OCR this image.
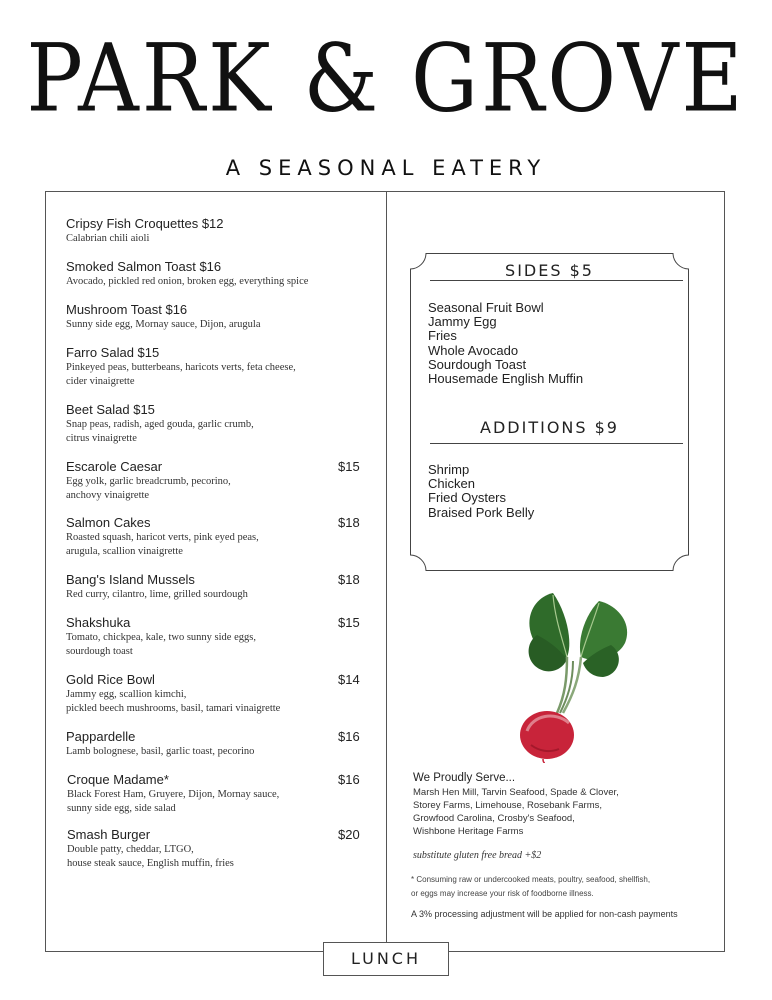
PARK & GROVE
A SEASONAL EATERY
Cripsy Fish Croquettes $12
Calabrian chili aioli
Smoked Salmon Toast $16
Avocado, pickled red onion, broken egg, everything spice
Mushroom Toast $16
Sunny side egg, Mornay sauce, Dijon, arugula
Farro Salad $15
Pinkeyed peas, butterbeans, haricots verts, feta cheese,
cider vinaigrette
Beet Salad $15
Snap peas, radish, aged gouda, garlic crumb,
citrus vinaigrette
Escarole Caesar
Egg yolk, garlic breadcrumb, pecorino,
anchovy vinaigrette
$15
Salmon Cakes
Roasted squash, haricot verts, pink eyed peas,
arugula, scallion vinaigrette
$18
Bang's Island Mussels
Red curry, cilantro, lime, grilled sourdough
$18
Shakshuka
Tomato, chickpea, kale, two sunny side eggs,
sourdough toast
$15
Gold Rice Bowl
Jammy egg, scallion kimchi,
pickled beech mushrooms, basil, tamari vinaigrette
$14
Pappardelle
Lamb bolognese, basil, garlic toast, pecorino
$16
Croque Madame*
Black Forest Ham, Gruyere, Dijon, Mornay sauce,
sunny side egg, side salad
$16
Smash Burger
Double patty, cheddar, LTGO,
house steak sauce, English muffin, fries
$20
SIDES $5
Seasonal Fruit Bowl
Jammy Egg
Fries
Whole Avocado
Sourdough Toast
Housemade English Muffin
ADDITIONS $9
Shrimp
Chicken
Fried Oysters
Braised Pork Belly
We Proudly Serve...
Marsh Hen Mill, Tarvin Seafood, Spade & Clover,
Storey Farms, Limehouse, Rosebank Farms,
Growfood Carolina, Crosby's Seafood,
Wishbone Heritage Farms
substitute gluten free bread +$2
* Consuming raw or undercooked meats, poultry, seafood, shellfish,
or eggs may increase your risk of foodborne illness.
A 3% processing adjustment will be applied for non-cash payments
LUNCH
